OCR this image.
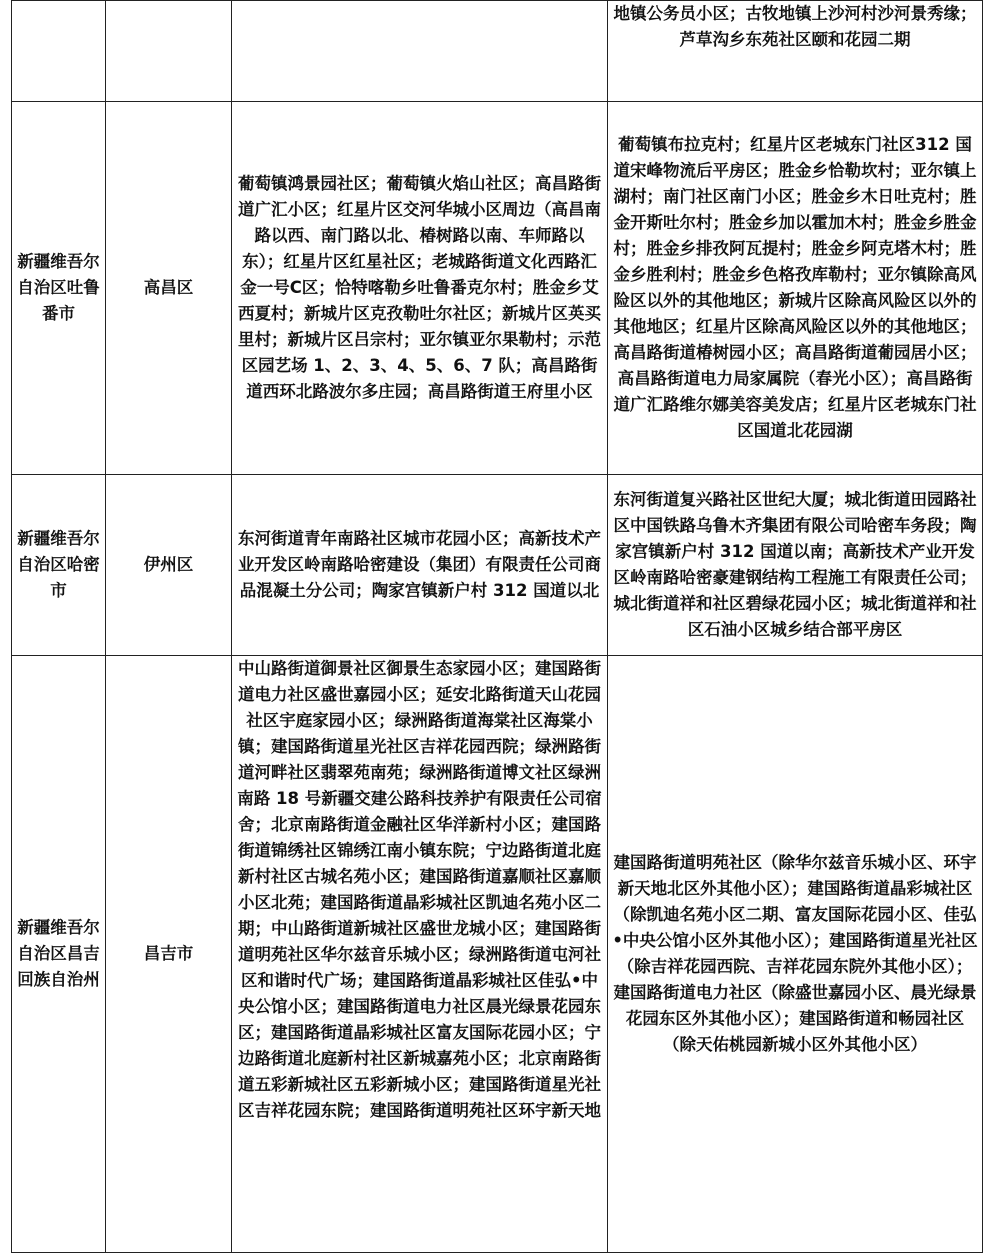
			地镇公务员小区；古牧地镇上沙河村沙河景秀缘；芦草沟乡东苑社区颐和花园二期
新疆维吾尔自治区吐鲁番市	高昌区	葡萄镇鸿景园社区；葡萄镇火焰山社区；高昌路街道广汇小区；红星片区交河华城小区周边（高昌南路以西、南门路以北、椿树路以南、车师路以东）；红星片区红星社区；老城路街道文化西路汇金一号C区；恰特喀勒乡吐鲁番克尔村；胜金乡艾西夏村；新城片区克孜勒吐尔社区；新城片区英买里村；新城片区吕宗村；亚尔镇亚尔果勒村；示范区园艺场 1、2、3、4、5、6、7 队；高昌路街道西环北路波尔多庄园；高昌路街道王府里小区	葡萄镇布拉克村；红星片区老城东门社区312 国道宋峰物流后平房区；胜金乡恰勒坎村；亚尔镇上湖村；南门社区南门小区；胜金乡木日吐克村；胜金开斯吐尔村；胜金乡加以霍加木村；胜金乡胜金村；胜金乡排孜阿瓦提村；胜金乡阿克塔木村；胜金乡胜利村；胜金乡色格孜库勒村；亚尔镇除高风险区以外的其他地区；新城片区除高风险区以外的其他地区；红星片区除高风险区以外的其他地区；高昌路街道椿树园小区；高昌路街道葡园居小区；高昌路街道电力局家属院（春光小区）；高昌路街道广汇路维尔娜美容美发店；红星片区老城东门社区国道北花园湖
新疆维吾尔自治区哈密市	伊州区	东河街道青年南路社区城市花园小区；高新技术产业开发区岭南路哈密建设（集团）有限责任公司商品混凝土分公司；陶家宫镇新户村 312 国道以北	东河街道复兴路社区世纪大厦；城北街道田园路社区中国铁路乌鲁木齐集团有限公司哈密车务段；陶家宫镇新户村 312 国道以南；高新技术产业开发区岭南路哈密豪建钢结构工程施工有限责任公司；城北街道祥和社区碧绿花园小区；城北街道祥和社区石油小区城乡结合部平房区
新疆维吾尔自治区昌吉回族自治州	昌吉市	中山路街道御景社区御景生态家园小区；建国路街道电力社区盛世嘉园小区；延安北路街道天山花园社区宇庭家园小区；绿洲路街道海棠社区海棠小镇；建国路街道星光社区吉祥花园西院；绿洲路街道河畔社区翡翠苑南苑；绿洲路街道博文社区绿洲南路 18 号新疆交建公路科技养护有限责任公司宿舍；北京南路街道金融社区华洋新村小区；建国路街道锦绣社区锦绣江南小镇东院；宁边路街道北庭新村社区古城名苑小区；建国路街道嘉顺社区嘉顺小区北苑；建国路街道晶彩城社区凯迪名苑小区二期；中山路街道新城社区盛世龙城小区；建国路街道明苑社区华尔兹音乐城小区；绿洲路街道屯河社区和谐时代广场；建国路街道晶彩城社区佳弘•中央公馆小区；建国路街道电力社区晨光绿景花园东区；建国路街道晶彩城社区富友国际花园小区；宁边路街道北庭新村社区新城嘉苑小区；北京南路街道五彩新城社区五彩新城小区；建国路街道星光社区吉祥花园东院；建国路街道明苑社区环宇新天地	建国路街道明苑社区（除华尔兹音乐城小区、环宇新天地北区外其他小区）；建国路街道晶彩城社区（除凯迪名苑小区二期、富友国际花园小区、佳弘•中央公馆小区外其他小区）；建国路街道星光社区（除吉祥花园西院、吉祥花园东院外其他小区）；建国路街道电力社区（除盛世嘉园小区、晨光绿景花园东区外其他小区）；建国路街道和畅园社区（除天佑桃园新城小区外其他小区）
